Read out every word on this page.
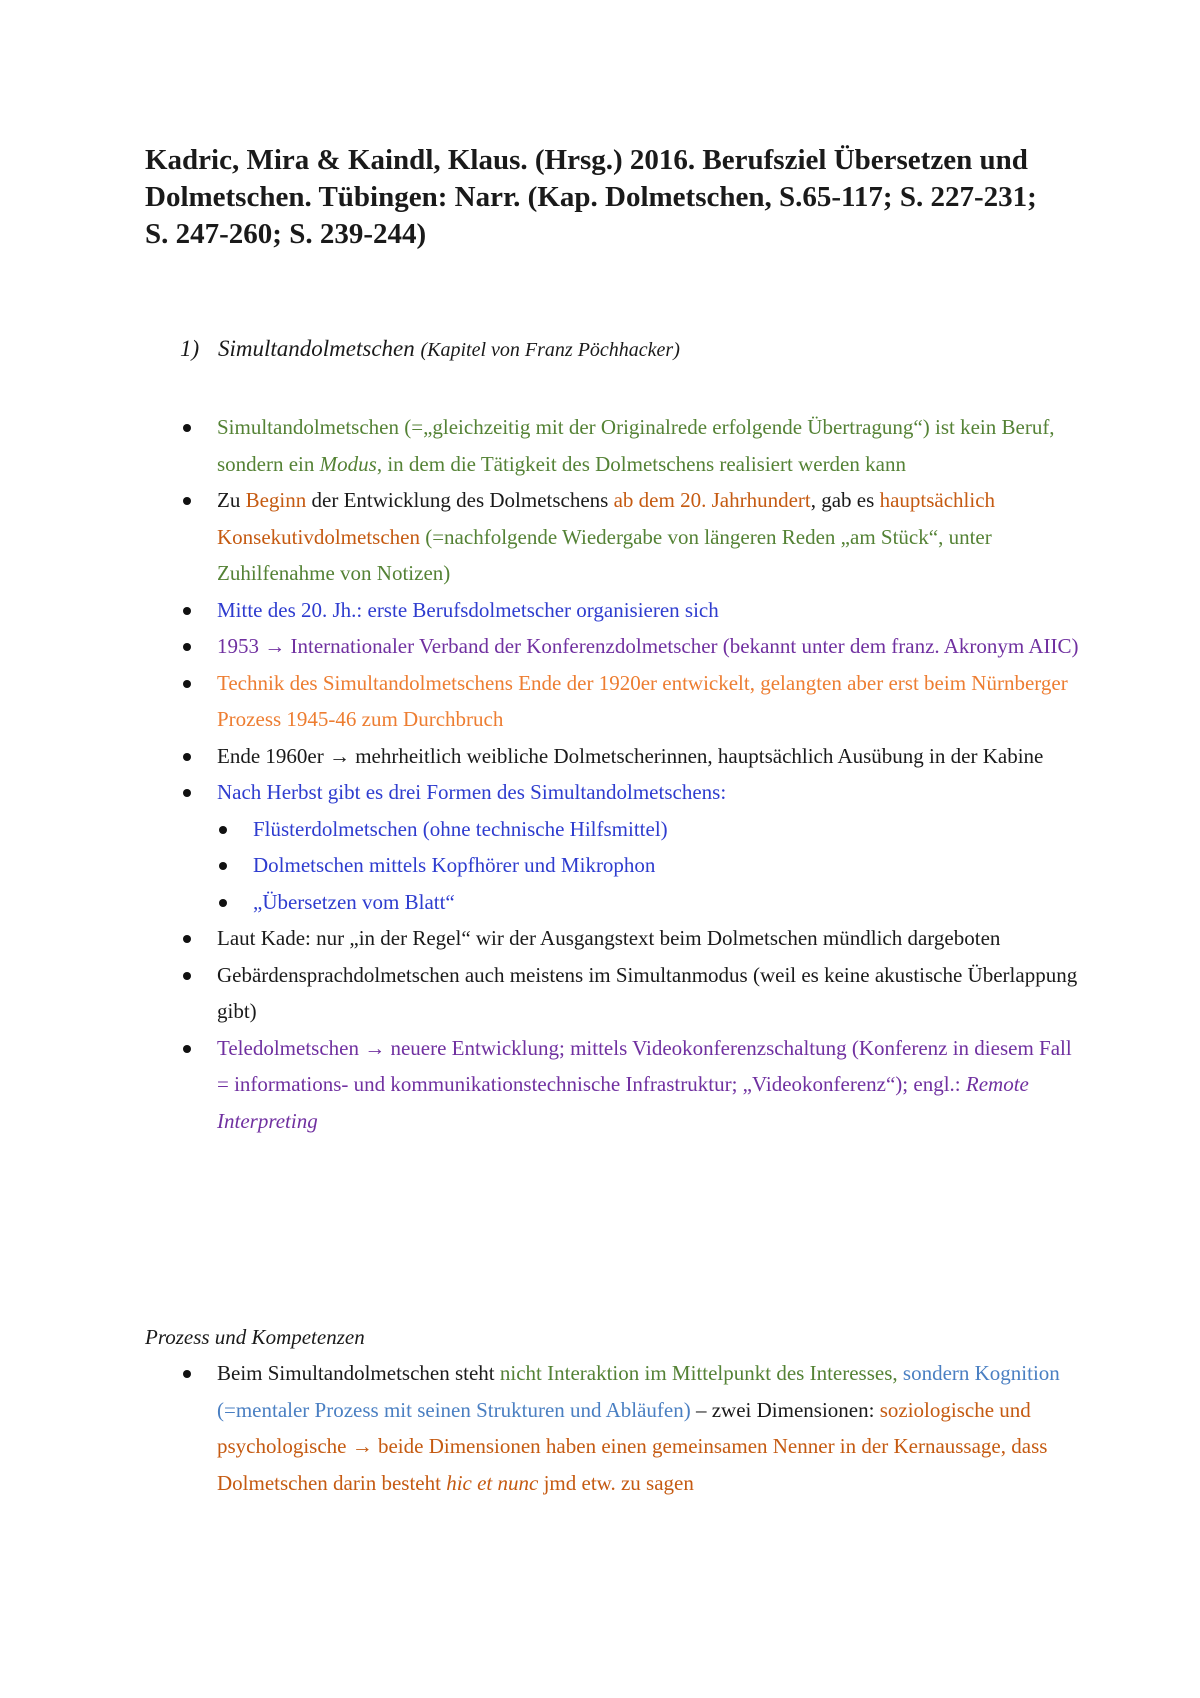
Kadric, Mira & Kaindl, Klaus. (Hrsg.) 2016. Berufsziel Übersetzen und Dolmetschen. Tübingen: Narr. (Kap. Dolmetschen, S.65-117; S. 227-231; S. 247-260; S. 239-244)
1) Simultandolmetschen (Kapitel von Franz Pöchhacker)
Simultandolmetschen (=„gleichzeitig mit der Originalrede erfolgende Übertragung“) ist kein Beruf, sondern ein Modus, in dem die Tätigkeit des Dolmetschens realisiert werden kann
Zu Beginn der Entwicklung des Dolmetschens ab dem 20. Jahrhundert, gab es hauptsächlich Konsekutivdolmetschen (=nachfolgende Wiedergabe von längeren Reden „am Stück“, unter Zuhilfenahme von Notizen)
Mitte des 20. Jh.: erste Berufsdolmetscher organisieren sich
1953 → Internationaler Verband der Konferenzdolmetscher (bekannt unter dem franz. Akronym AIIC)
Technik des Simultandolmetschens Ende der 1920er entwickelt, gelangten aber erst beim Nürnberger Prozess 1945-46 zum Durchbruch
Ende 1960er → mehrheitlich weibliche Dolmetscherinnen, hauptsächlich Ausübung in der Kabine
Nach Herbst gibt es drei Formen des Simultandolmetschens:
Flüsterdolmetschen (ohne technische Hilfsmittel)
Dolmetschen mittels Kopfhörer und Mikrophon
„Übersetzen vom Blatt“
Laut Kade: nur „in der Regel“ wir der Ausgangstext beim Dolmetschen mündlich dargeboten
Gebärdensprachdolmetschen auch meistens im Simultanmodus (weil es keine akustische Überlappung gibt)
Teledolmetschen → neuere Entwicklung; mittels Videokonferenzschaltung (Konferenz in diesem Fall = informations- und kommunikationstechnische Infrastruktur; „Videokonferenz“); engl.: Remote Interpreting
Prozess und Kompetenzen
Beim Simultandolmetschen steht nicht Interaktion im Mittelpunkt des Interesses, sondern Kognition (=mentaler Prozess mit seinen Strukturen und Abläufen) – zwei Dimensionen: soziologische und psychologische → beide Dimensionen haben einen gemeinsamen Nenner in der Kernaussage, dass Dolmetschen darin besteht hic et nunc jmd etw. zu sagen
